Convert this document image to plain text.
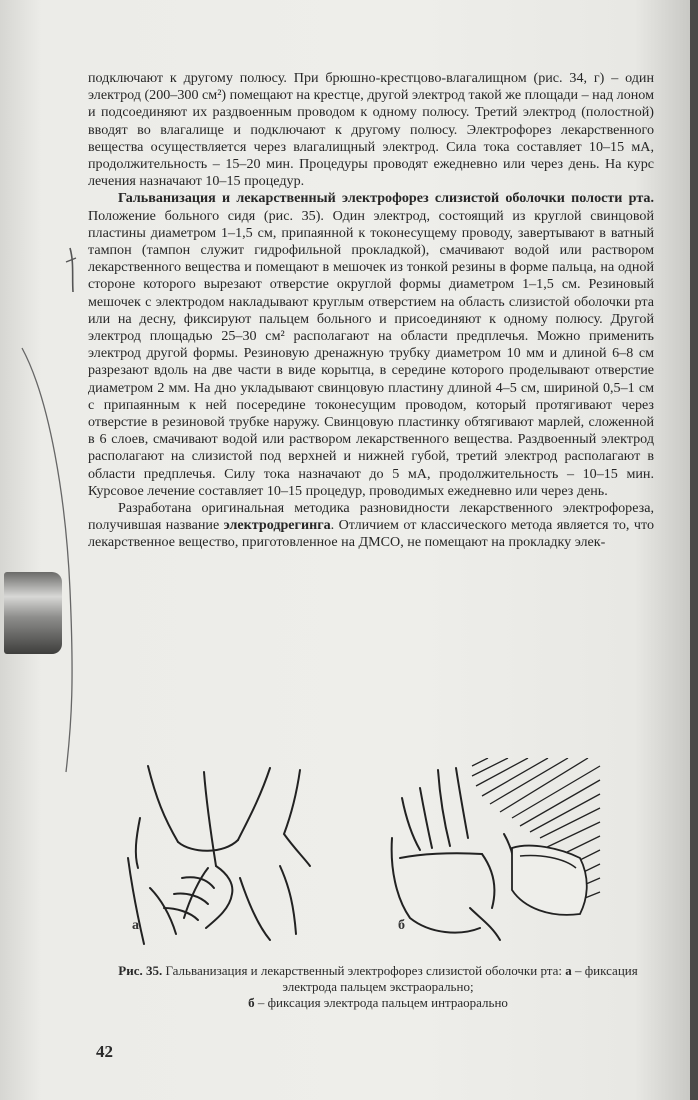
подключают к другому полюсу. При брюшно-крестцово-влагалищном (рис. 34, г) – один электрод (200–300 см²) помещают на крестце, другой электрод такой же площади – над лоном и подсоединяют их раздвоенным проводом к одному полюсу. Третий электрод (полостной) вводят во влагалище и подключают к другому полюсу. Электрофорез лекарственного вещества осуществляется через влагалищный электрод. Сила тока составляет 10–15 мА, продолжительность – 15–20 мин. Процедуры проводят ежедневно или через день. На курс лечения назначают 10–15 процедур.

Гальванизация и лекарственный электрофорез слизистой оболочки полости рта. Положение больного сидя (рис. 35). Один электрод, состоящий из круглой свинцовой пластины диаметром 1–1,5 см, припаянной к токонесущему проводу, завертывают в ватный тампон (тампон служит гидрофильной прокладкой), смачивают водой или раствором лекарственного вещества и помещают в мешочек из тонкой резины в форме пальца, на одной стороне которого вырезают отверстие округлой формы диаметром 1–1,5 см. Резиновый мешочек с электродом накладывают круглым отверстием на область слизистой оболочки рта или на десну, фиксируют пальцем больного и присоединяют к одному полюсу. Другой электрод площадью 25–30 см² располагают на области предплечья. Можно применить электрод другой формы. Резиновую дренажную трубку диаметром 10 мм и длиной 6–8 см разрезают вдоль на две части в виде корытца, в середине которого проделывают отверстие диаметром 2 мм. На дно укладывают свинцовую пластину длиной 4–5 см, шириной 0,5–1 см с припаянным к ней посередине токонесущим проводом, который протягивают через отверстие в резиновой трубке наружу. Свинцовую пластинку обтягивают марлей, сложенной в 6 слоев, смачивают водой или раствором лекарственного вещества. Раздвоенный электрод располагают на слизистой под верхней и нижней губой, третий электрод располагают в области предплечья. Силу тока назначают до 5 мА, продолжительность – 10–15 мин. Курсовое лечение составляет 10–15 процедур, проводимых ежедневно или через день.

Разработана оригинальная методика разновидности лекарственного электрофореза, получившая название электродрегинга. Отличием от классического метода является то, что лекарственное вещество, приготовленное на ДМСО, не помещают на прокладку элек-

а	б
Рис. 35. Гальванизация и лекарственный электрофорез слизистой оболочки рта: а – фиксация электрода пальцем экстраорально;
б – фиксация электрода пальцем интраорально
42
